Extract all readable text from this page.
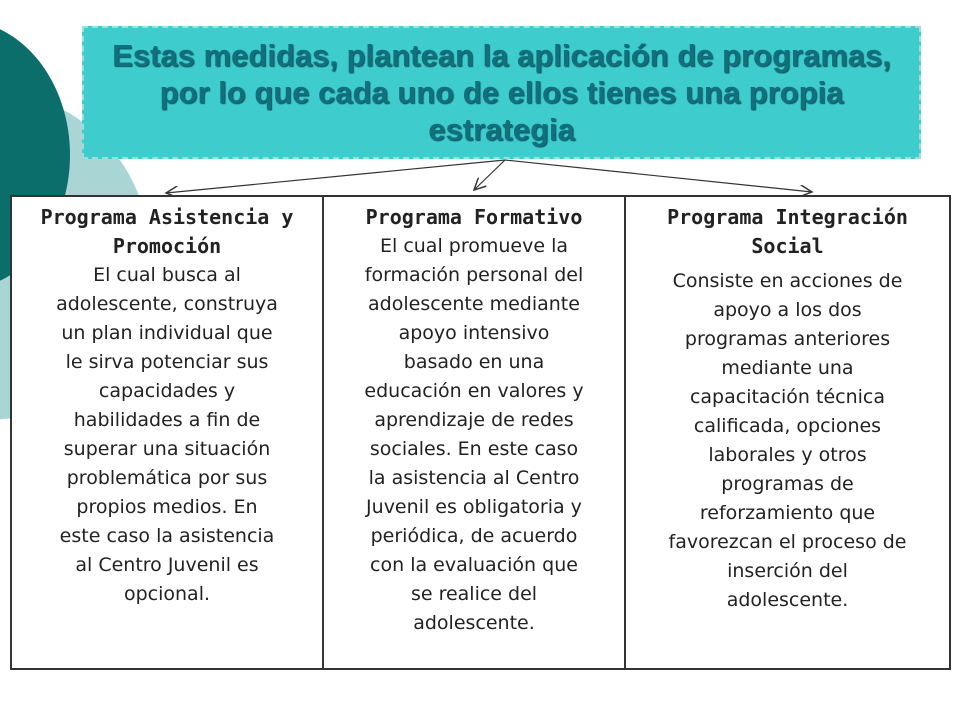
Estas medidas, plantean la aplicación de programas, por lo que cada uno de ellos tienes una propia estrategia
Programa Asistencia y Promoción
El cual busca al
adolescente, construya
un plan individual que
le sirva potenciar sus
capacidades y
habilidades a fin de
superar una situación
problemática por sus
propios medios. En
este caso la asistencia
al Centro Juvenil es
opcional.
Programa Formativo
El cual promueve la
formación personal del
adolescente mediante
apoyo intensivo
basado en una
educación en valores y
aprendizaje de redes
sociales. En este caso
la asistencia al Centro
Juvenil es obligatoria y
periódica, de acuerdo
con la evaluación que
se realice del
adolescente.
Programa Integración Social
Consiste en acciones de
apoyo a los dos
programas anteriores
mediante una
capacitación técnica
calificada, opciones
laborales y otros
programas de
reforzamiento que
favorezcan el proceso de
inserción del
adolescente.
